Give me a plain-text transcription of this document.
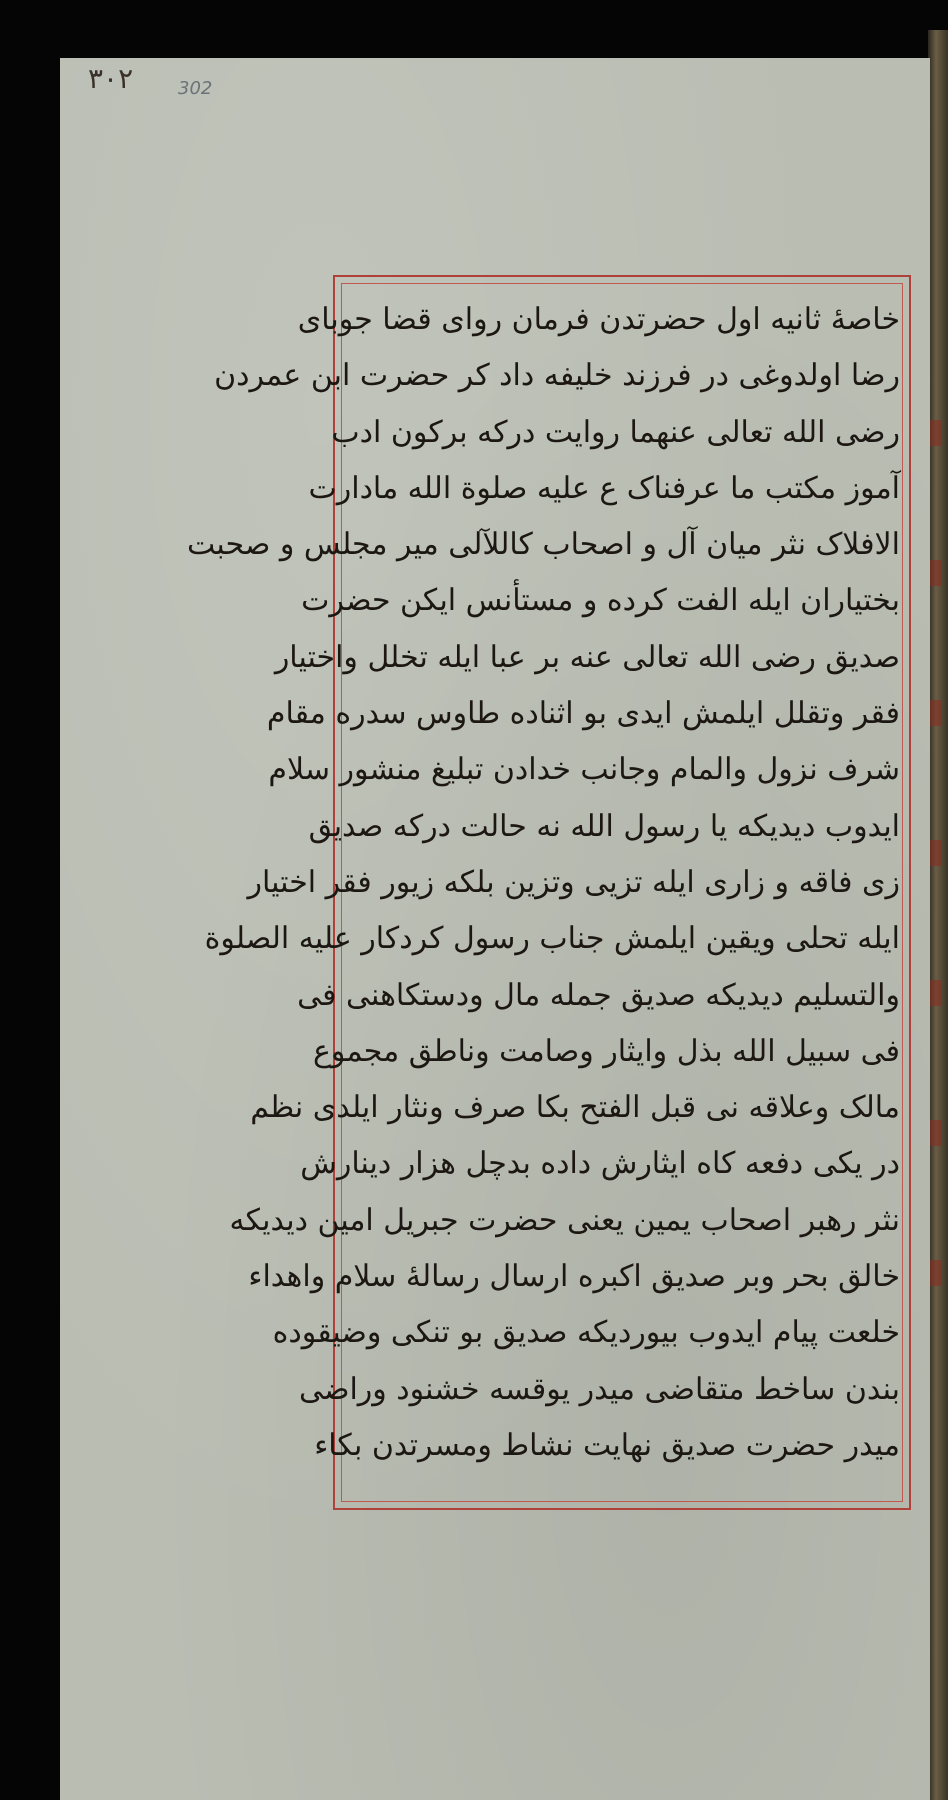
٣٠٢ 302
خاصهٔ ثانیه اول حضرتدن فرمان روای قضا جوبای
رضا اولدوغی در فرزند خلیفه داد کر حضرت ابن عمردن
رضی الله تعالی عنهما روایت درکه برکون ادب
آموز مکتب ما عرفناک ع علیه صلوة الله مادارت
الافلاک نثر میان آل و اصحاب کاللآلی میر مجلس و صحبت
بختیاران ایله الفت کرده و مستأنس ایکن حضرت
صدیق رضی الله تعالی عنه بر عبا ایله تخلل واختیار
فقر وتقلل ایلمش ایدی بو اثناده طاوس سدره مقام
شرف نزول والمام وجانب خدادن تبلیغ منشور سلام
ایدوب دیدیکه یا رسول الله نه حالت درکه صدیق
زی فاقه و زاری ایله تزیی وتزین بلکه زیور فقر اختیار
ایله تحلی ویقین ایلمش جناب رسول کردکار علیه الصلوة
والتسلیم دیدیکه صدیق جمله مال ودستکاهنی فی
فی سبیل الله بذل وایثار وصامت وناطق مجموع
مالک وعلاقه نی قبل الفتح بکا صرف ونثار ایلدی نظم
در یکی دفعه کاه ایثارش داده بدچل هزار دینارش
نثر رهبر اصحاب یمین یعنی حضرت جبریل امین دیدیکه
خالق بحر وبر صدیق اکبره ارسال رسالهٔ سلام واهداء
خلعت پیام ایدوب بیوردیکه صدیق بو تنکی وضیقوده
بندن ساخط متقاضی میدر یوقسه خشنود وراضی
میدر حضرت صدیق نهایت نشاط ومسرتدن بکاء
